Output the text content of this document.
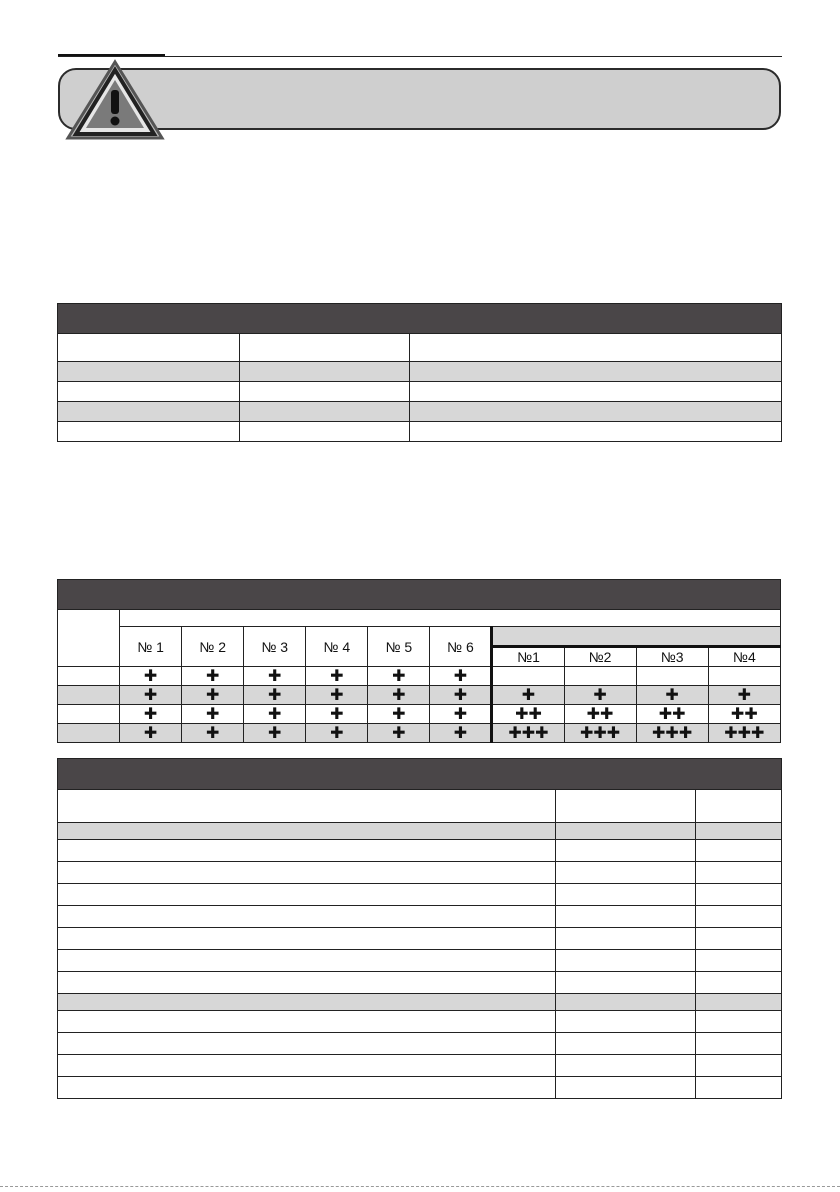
	№ 1	№ 2	№ 3	№ 4	№ 5	№ 6				
							№1	№2	№3	№4
	✚	✚	✚	✚	✚	✚				
	✚	✚	✚	✚	✚	✚	✚	✚	✚	✚
	✚	✚	✚	✚	✚	✚	✚✚	✚✚	✚✚	✚✚
	✚	✚	✚	✚	✚	✚	✚✚✚	✚✚✚	✚✚✚	✚✚✚
